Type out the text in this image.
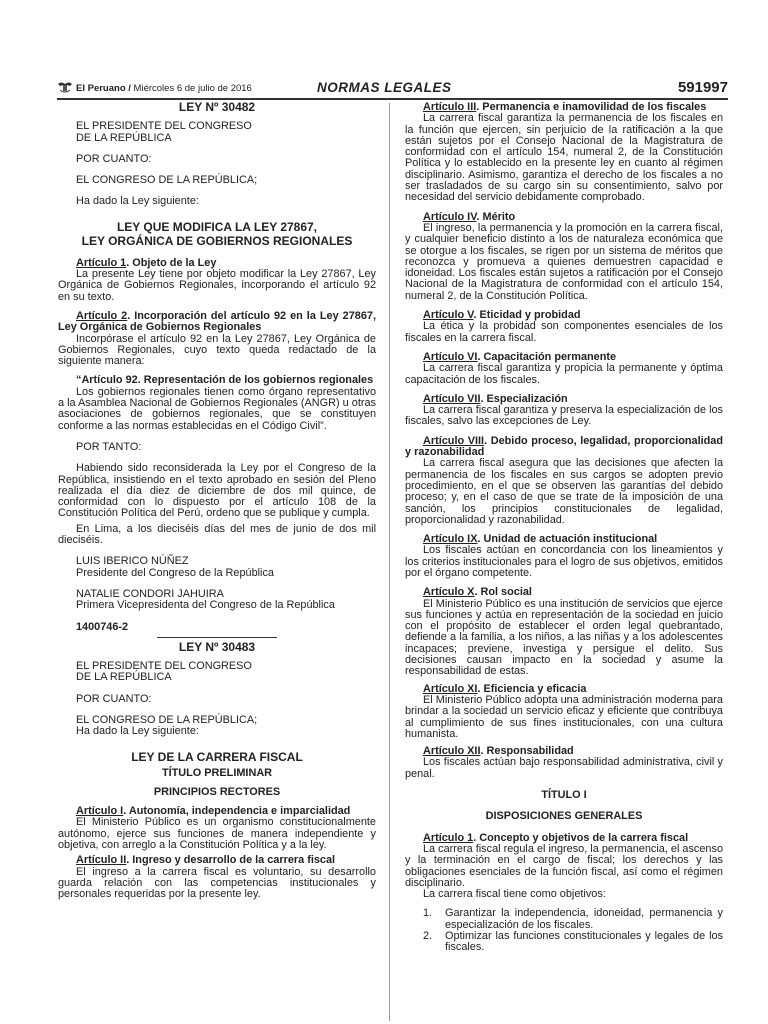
El Peruano / Miércoles 6 de julio de 2016	NORMAS LEGALES	591997

LEY Nº 30482

EL PRESIDENTE DEL CONGRESO

DE LA REPÚBLICA

POR CUANTO:

EL CONGRESO DE LA REPÚBLICA;

Ha dado la Ley siguiente:

LEY QUE MODIFICA LA LEY 27867,

LEY ORGÁNICA DE GOBIERNOS REGIONALES

Artículo 1. Objeto de la Ley

La presente Ley tiene por objeto modificar la Ley 27867, Ley Orgánica de Gobiernos Regionales, incorporando el artículo 92 en su texto.

Artículo 2. Incorporación del artículo 92 en la Ley 27867, Ley Orgánica de Gobiernos Regionales

Incorpórase el artículo 92 en la Ley 27867, Ley Orgánica de Gobiernos Regionales, cuyo texto queda redactado de la siguiente manera:

“Artículo 92. Representación de los gobiernos regionales

Los gobiernos regionales tienen como órgano representativo a la Asamblea Nacional de Gobiernos Regionales (ANGR) u otras asociaciones de gobiernos regionales, que se constituyen conforme a las normas establecidas en el Código Civil”.

POR TANTO:

Habiendo sido reconsiderada la Ley por el Congreso de la República, insistiendo en el texto aprobado en sesión del Pleno realizada el día diez de diciembre de dos mil quince, de conformidad con lo dispuesto por el artículo 108 de la Constitución Política del Perú, ordeno que se publique y cumpla.

En Lima, a los dieciséis días del mes de junio de dos mil dieciséis.

LUIS IBERICO NÚÑEZ

Presidente del Congreso de la República

NATALIE CONDORI JAHUIRA

Primera Vicepresidenta del Congreso de la República

1400746-2

LEY Nº 30483

EL PRESIDENTE DEL CONGRESO

DE LA REPÚBLICA

POR CUANTO:

EL CONGRESO DE LA REPÚBLICA;

Ha dado la Ley siguiente:

LEY DE LA CARRERA FISCAL

TÍTULO PRELIMINAR

PRINCIPIOS RECTORES

Artículo I. Autonomía, independencia e imparcialidad

El Ministerio Público es un organismo constitucionalmente autónomo, ejerce sus funciones de manera independiente y objetiva, con arreglo a la Constitución Política y a la ley.

Artículo II. Ingreso y desarrollo de la carrera fiscal

El ingreso a la carrera fiscal es voluntario, su desarrollo guarda relación con las competencias institucionales y personales requeridas por la presente ley.

Artículo III. Permanencia e inamovilidad de los fiscales

La carrera fiscal garantiza la permanencia de los fiscales en la función que ejercen, sin perjuicio de la ratificación a la que están sujetos por el Consejo Nacional de la Magistratura de conformidad con el artículo 154, numeral 2, de la Constitución Política y lo establecido en la presente ley en cuanto al régimen disciplinario. Asimismo, garantiza el derecho de los fiscales a no ser trasladados de su cargo sin su consentimiento, salvo por necesidad del servicio debidamente comprobado.

Artículo IV. Mérito

El ingreso, la permanencia y la promoción en la carrera fiscal, y cualquier beneficio distinto a los de naturaleza económica que se otorgue a los fiscales, se rigen por un sistema de méritos que reconozca y promueva a quienes demuestren capacidad e idoneidad. Los fiscales están sujetos a ratificación por el Consejo Nacional de la Magistratura de conformidad con el artículo 154, numeral 2, de la Constitución Política.

Artículo V. Eticidad y probidad

La ética y la probidad son componentes esenciales de los fiscales en la carrera fiscal.

Artículo VI. Capacitación permanente

La carrera fiscal garantiza y propicia la permanente y óptima capacitación de los fiscales.

Artículo VII. Especialización

La carrera fiscal garantiza y preserva la especialización de los fiscales, salvo las excepciones de Ley.

Artículo VIII. Debido proceso, legalidad, proporcionalidad y razonabilidad

La carrera fiscal asegura que las decisiones que afecten la permanencia de los fiscales en sus cargos se adopten previo procedimiento, en el que se observen las garantías del debido proceso; y, en el caso de que se trate de la imposición de una sanción, los principios constitucionales de legalidad, proporcionalidad y razonabilidad.

Artículo IX. Unidad de actuación institucional

Los fiscales actúan en concordancia con los lineamientos y los criterios institucionales para el logro de sus objetivos, emitidos por el órgano competente.

Artículo X. Rol social

El Ministerio Público es una institución de servicios que ejerce sus funciones y actúa en representación de la sociedad en juicio con el propósito de establecer el orden legal quebrantado, defiende a la familia, a los niños, a las niñas y a los adolescentes incapaces; previene, investiga y persigue el delito. Sus decisiones causan impacto en la sociedad y asume la responsabilidad de estas.

Artículo XI. Eficiencia y eficacia

El Ministerio Público adopta una administración moderna para brindar a la sociedad un servicio eficaz y eficiente que contribuya al cumplimiento de sus fines institucionales, con una cultura humanista.

Artículo XII. Responsabilidad

Los fiscales actúan bajo responsabilidad administrativa, civil y penal.

TÍTULO I

DISPOSICIONES GENERALES

Artículo 1. Concepto y objetivos de la carrera fiscal

La carrera fiscal regula el ingreso, la permanencia, el ascenso y la terminación en el cargo de fiscal; los derechos y las obligaciones esenciales de la función fiscal, así como el régimen disciplinario.

La carrera fiscal tiene como objetivos:

1.	Garantizar la independencia, idoneidad, permanencia y especialización de los fiscales.
2.	Optimizar las funciones constitucionales y legales de los fiscales.
